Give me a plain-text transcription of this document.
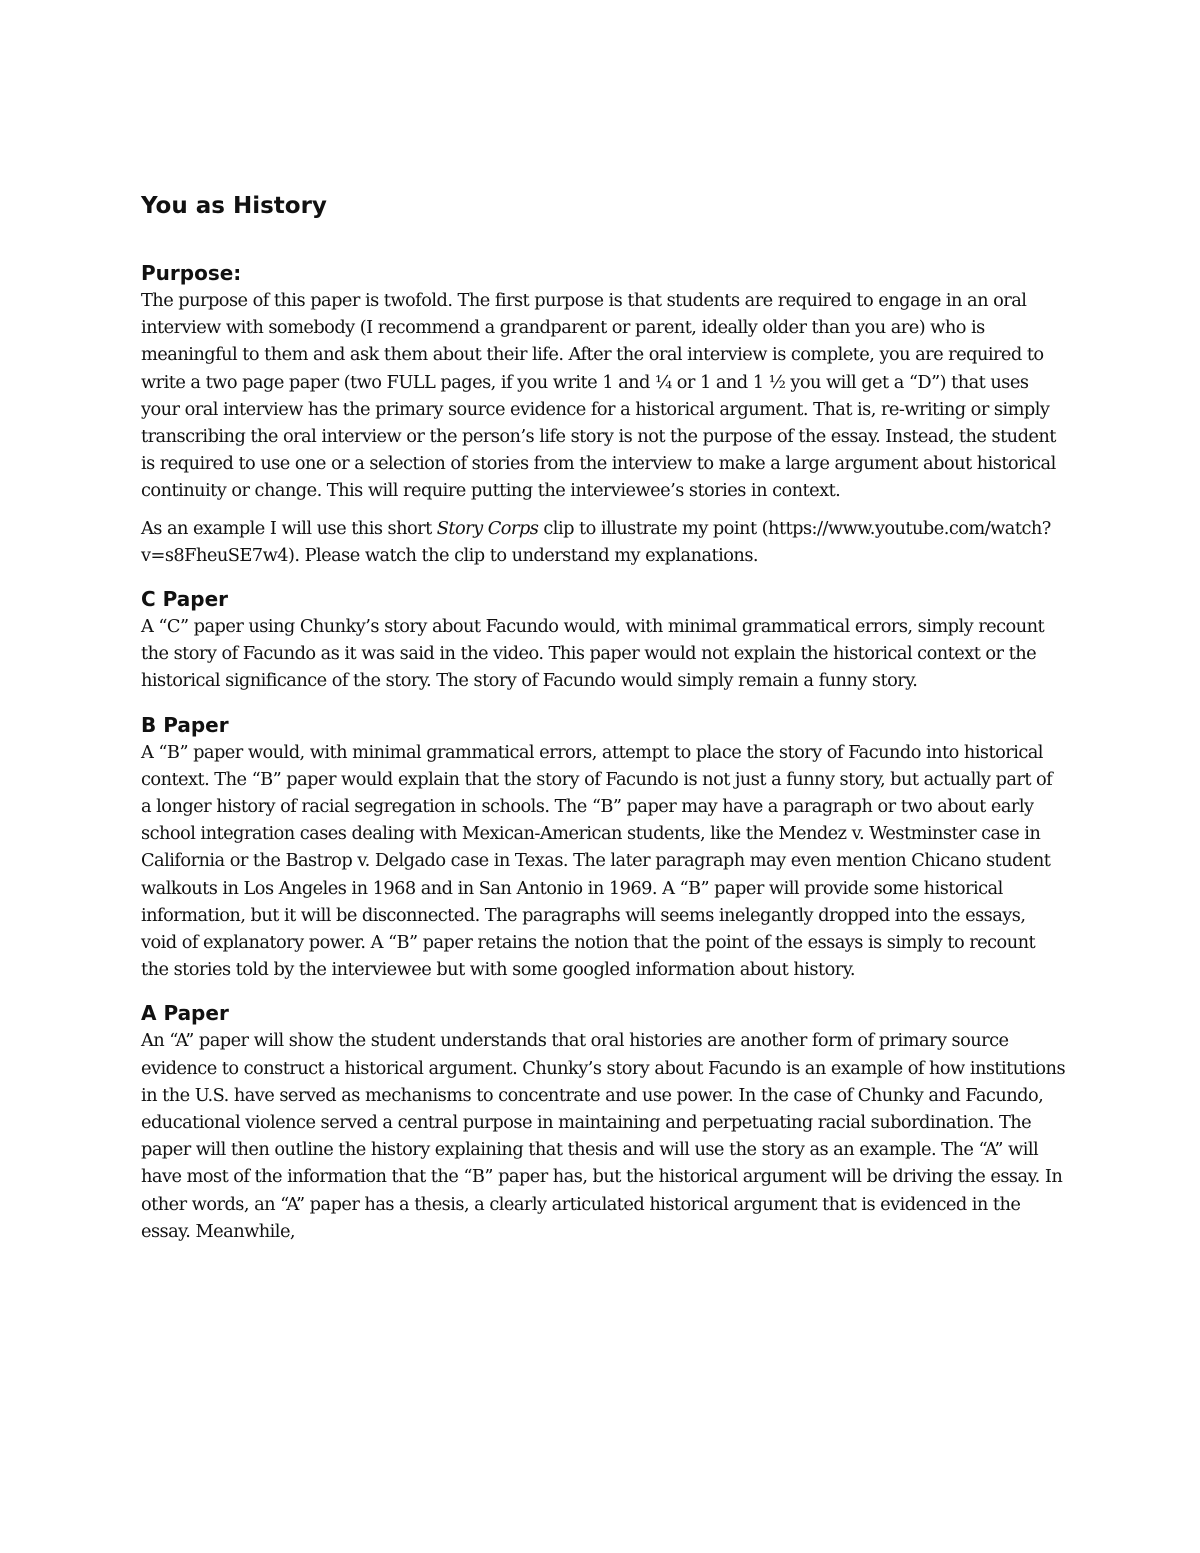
You as History
Purpose:

The purpose of this paper is twofold. The first purpose is that students are required to engage in an oral interview with somebody (I recommend a grandparent or parent, ideally older than you are) who is meaningful to them and ask them about their life. After the oral interview is complete, you are required to write a two page paper (two FULL pages, if you write 1 and ¼ or 1 and 1 ½ you will get a “D”) that uses your oral interview has the primary source evidence for a historical argument. That is, re-writing or simply transcribing the oral interview or the person’s life story is not the purpose of the essay. Instead, the student is required to use one or a selection of stories from the interview to make a large argument about historical continuity or change. This will require putting the interviewee’s stories in context.

As an example I will use this short Story Corps clip to illustrate my point (https://www.youtube.com/watch?v=s8FheuSE7w4). Please watch the clip to understand my explanations.

C Paper

A “C” paper using Chunky’s story about Facundo would, with minimal grammatical errors, simply recount the story of Facundo as it was said in the video. This paper would not explain the historical context or the historical significance of the story. The story of Facundo would simply remain a funny story.

B Paper

A “B” paper would, with minimal grammatical errors, attempt to place the story of Facundo into historical context. The “B” paper would explain that the story of Facundo is not just a funny story, but actually part of a longer history of racial segregation in schools. The “B” paper may have a paragraph or two about early school integration cases dealing with Mexican-American students, like the Mendez v. Westminster case in California or the Bastrop v. Delgado case in Texas. The later paragraph may even mention Chicano student walkouts in Los Angeles in 1968 and in San Antonio in 1969. A “B” paper will provide some historical information, but it will be disconnected. The paragraphs will seems inelegantly dropped into the essays, void of explanatory power. A “B” paper retains the notion that the point of the essays is simply to recount the stories told by the interviewee but with some googled information about history.

A Paper

An “A” paper will show the student understands that oral histories are another form of primary source evidence to construct a historical argument. Chunky’s story about Facundo is an example of how institutions in the U.S. have served as mechanisms to concentrate and use power. In the case of Chunky and Facundo, educational violence served a central purpose in maintaining and perpetuating racial subordination. The paper will then outline the history explaining that thesis and will use the story as an example. The “A” will have most of the information that the “B” paper has, but the historical argument will be driving the essay. In other words, an “A” paper has a thesis, a clearly articulated historical argument that is evidenced in the essay. Meanwhile,
